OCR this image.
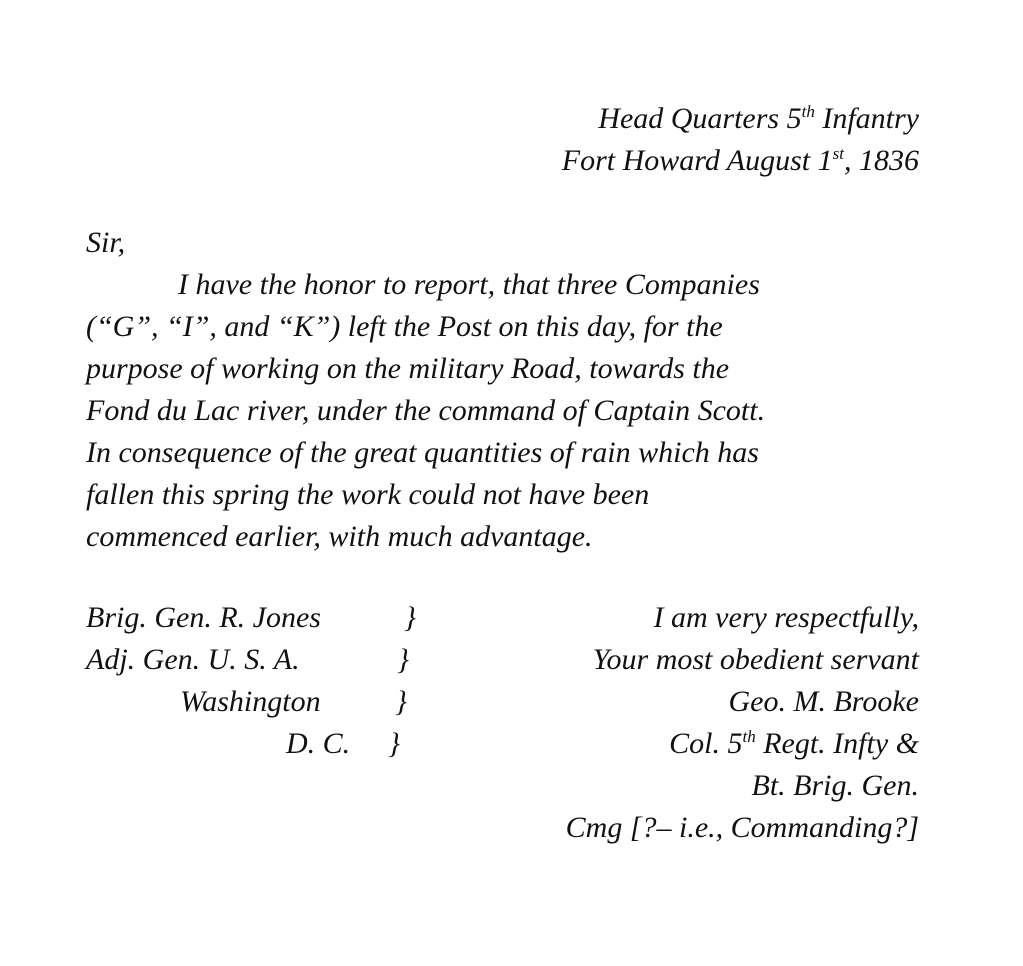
Head Quarters 5th Infantry
Fort Howard August 1st, 1836
Sir,
I have the honor to report, that three Companies
(“G”, “I”, and “K”) left the Post on this day, for the
purpose of working on the military Road, towards the
Fond du Lac river, under the command of Captain Scott.
In consequence of the great quantities of rain which has
fallen this spring the work could not have been
commenced earlier, with much advantage.
Brig. Gen. R. Jones	}
Adj. Gen. U. S. A.	}
Washington }
D. C. }
I am very respectfully,
Your most obedient servant
Geo. M. Brooke
Col. 5th Regt. Infty &
Bt. Brig. Gen.
Cmg [?– i.e., Commanding?]
